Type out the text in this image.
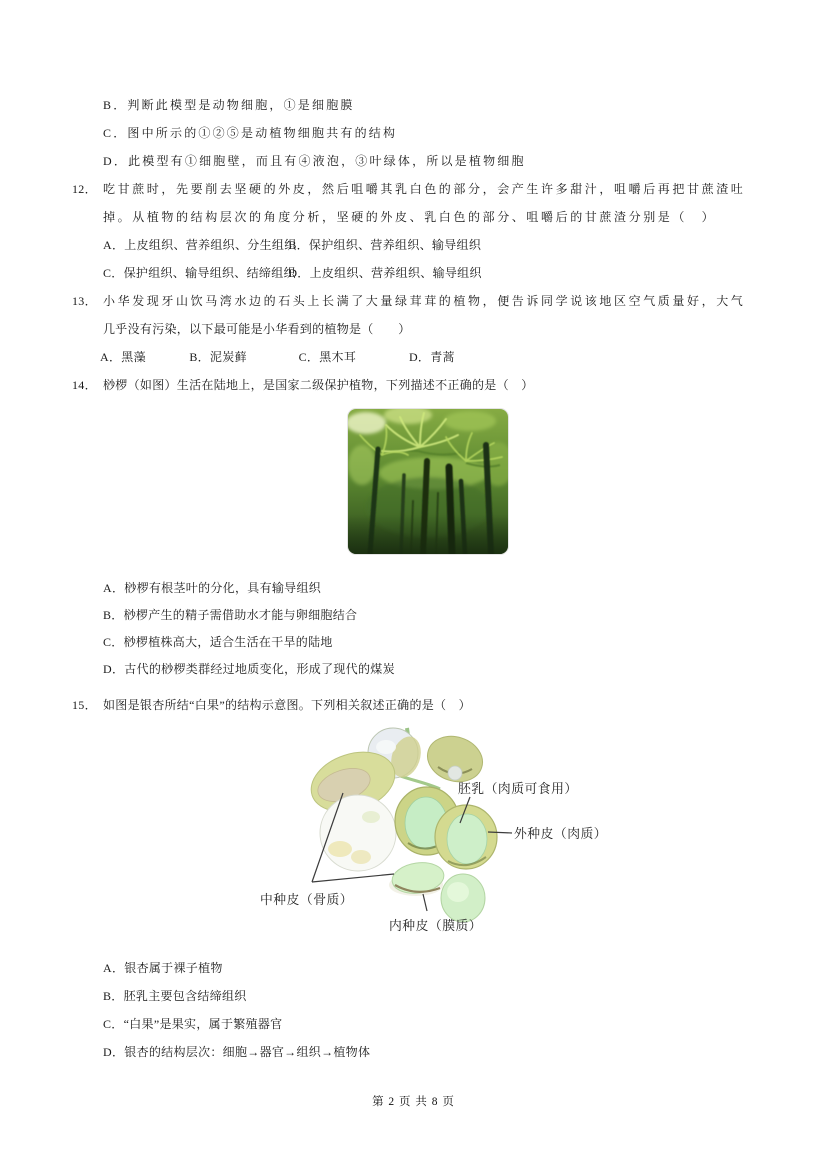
B．判断此模型是动物细胞，①是细胞膜
C．图中所示的①②⑤是动植物细胞共有的结构
D．此模型有①细胞壁，而且有④液泡，③叶绿体，所以是植物细胞
12． 吃甘蔗时，先要削去坚硬的外皮，然后咀嚼其乳白色的部分，会产生许多甜汁，咀嚼后再把甘蔗渣吐
掉。从植物的结构层次的角度分析，坚硬的外皮、乳白色的部分、咀嚼后的甘蔗渣分别是（　）
A．上皮组织、营养组织、分生组织 B．保护组织、营养组织、输导组织
C．保护组织、输导组织、结缔组织 D．上皮组织、营养组织、输导组织
13． 小华发现牙山饮马湾水边的石头上长满了大量绿茸茸的植物，便告诉同学说该地区空气质量好，大气
几乎没有污染，以下最可能是小华看到的植物是（　　）
A．黑藻	B．泥炭藓	C．黑木耳	D．青蒿
14． 桫椤（如图）生活在陆地上，是国家二级保护植物，下列描述不正确的是（　）
A．桫椤有根茎叶的分化，具有输导组织
B．桫椤产生的精子需借助水才能与卵细胞结合
C．桫椤植株高大，适合生活在干旱的陆地
D．古代的桫椤类群经过地质变化，形成了现代的煤炭
15． 如图是银杏所结“白果”的结构示意图。下列相关叙述正确的是（　）
胚乳（肉质可食用）
外种皮（肉质）
中种皮（骨质）
内种皮（膜质）
A．银杏属于裸子植物
B．胚乳主要包含结缔组织
C．“白果”是果实，属于繁殖器官
D．银杏的结构层次：细胞→器官→组织→植物体
第 2 页 共 8 页
